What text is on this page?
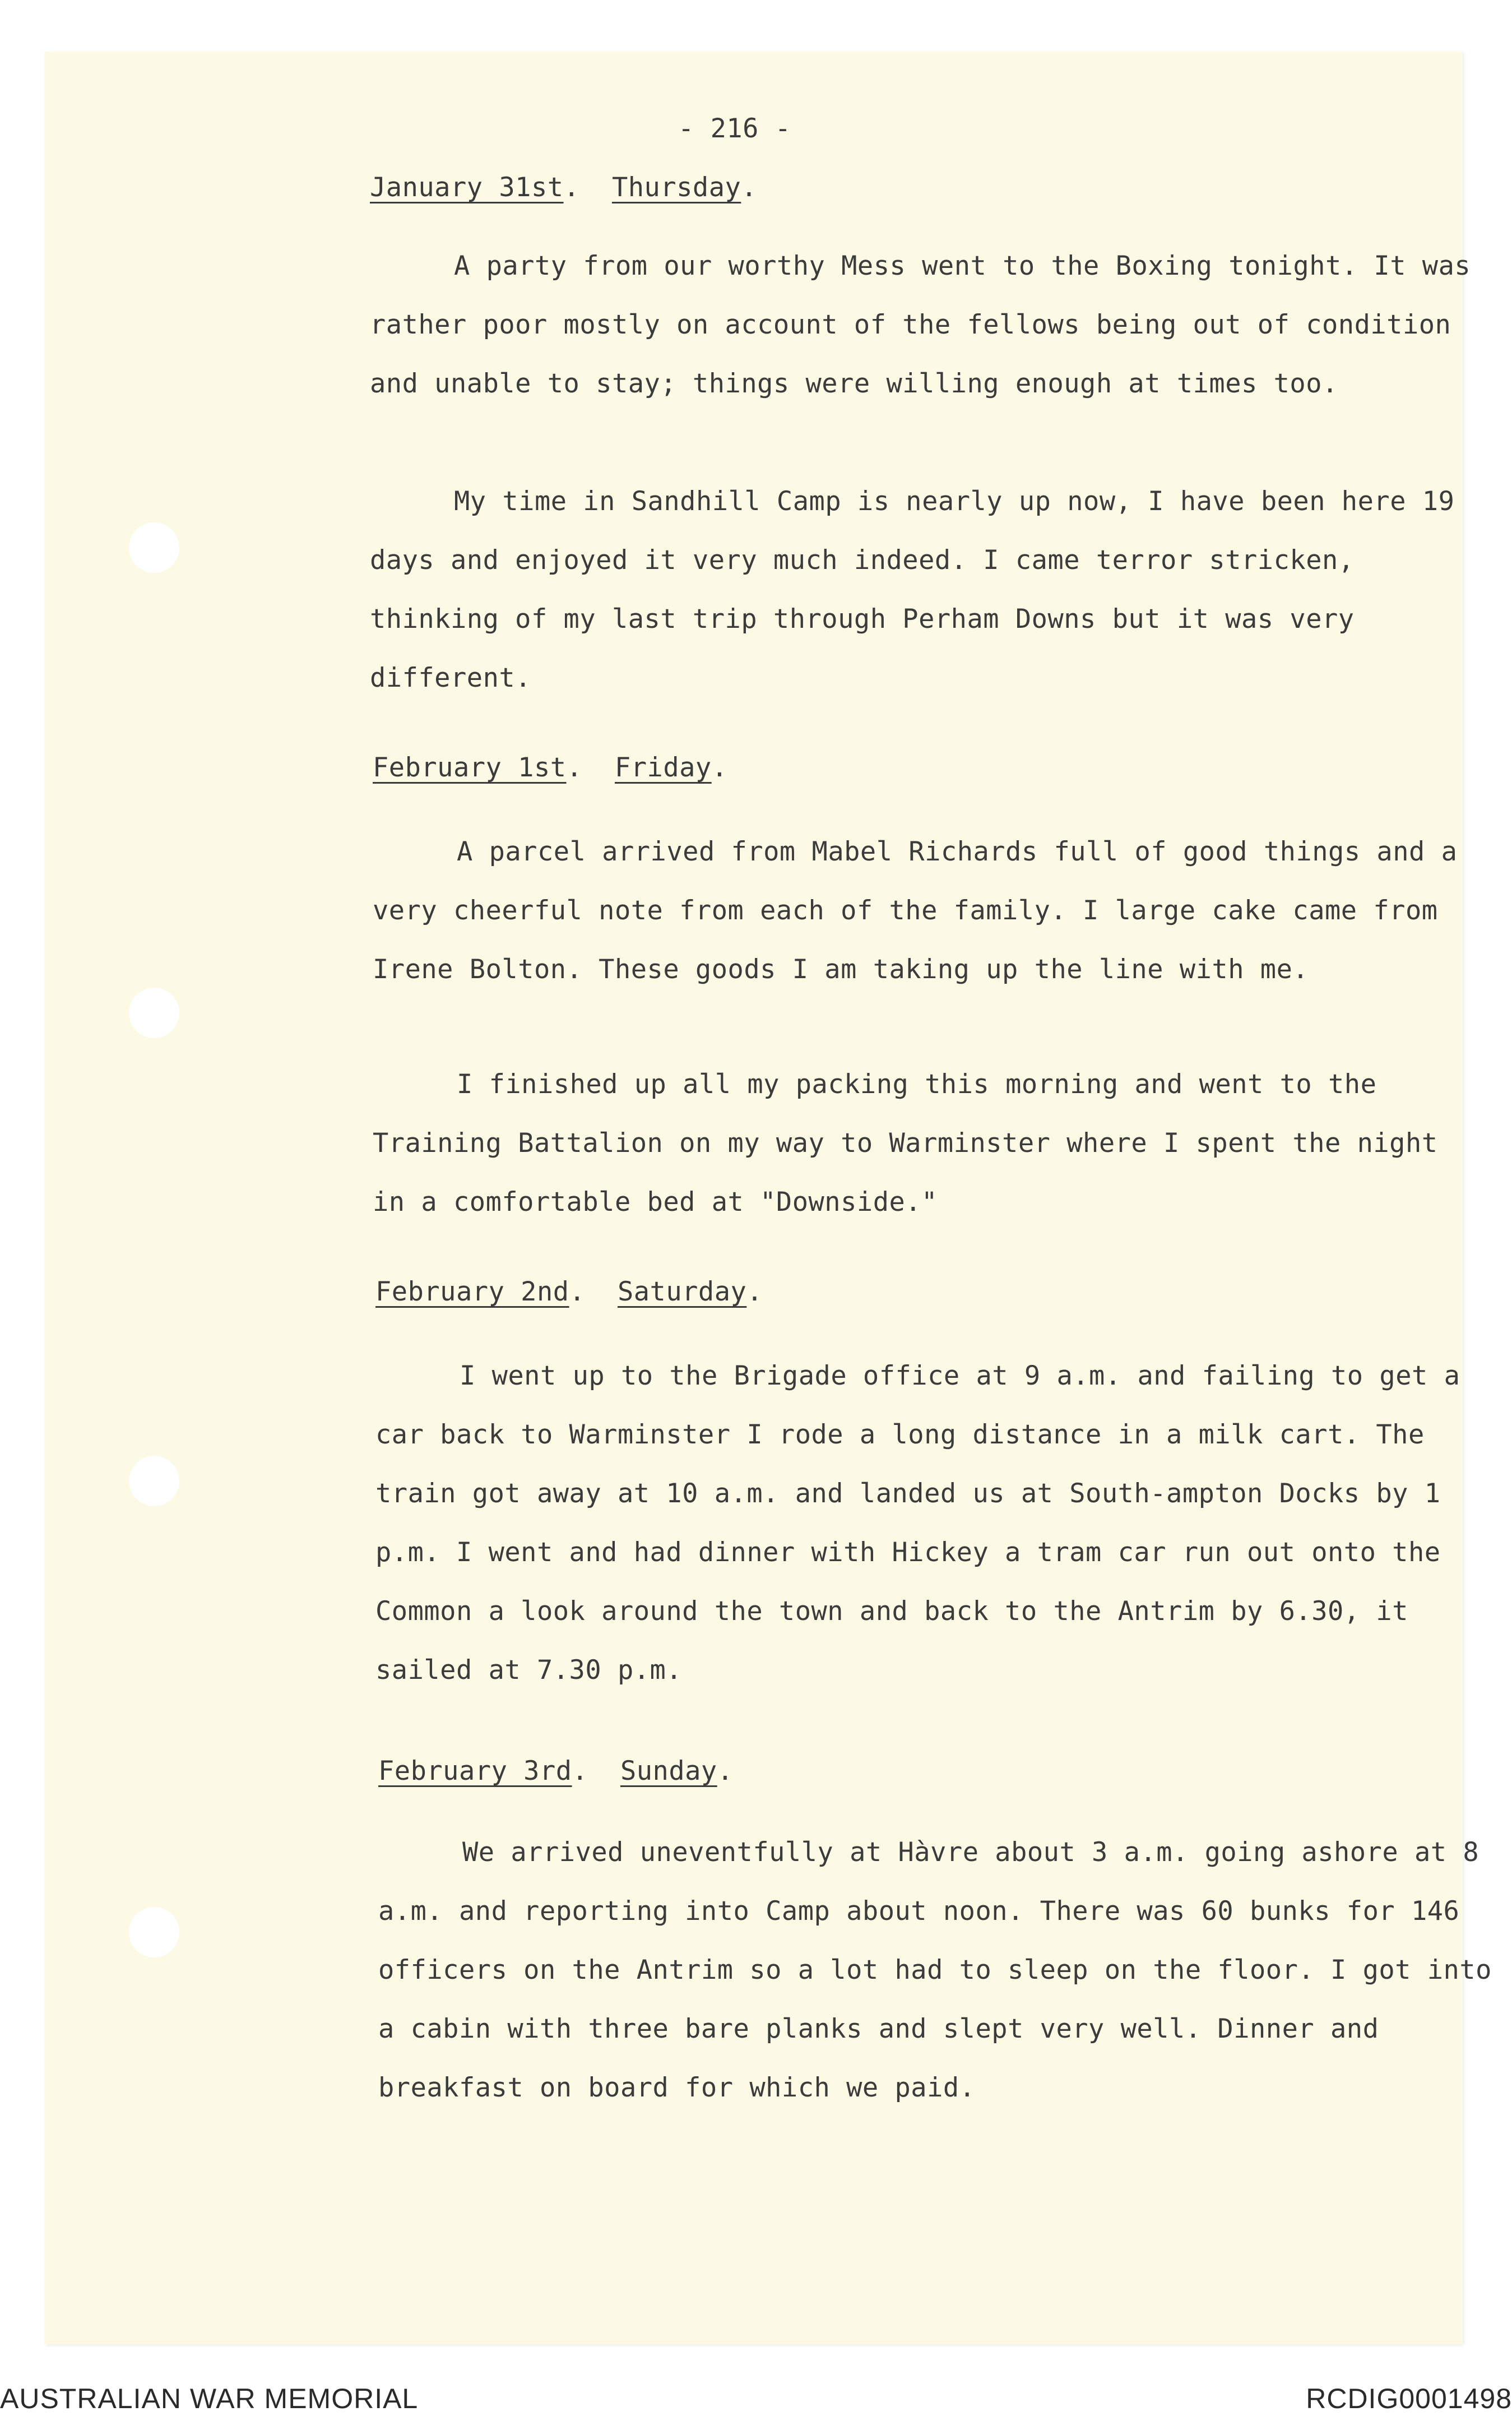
- 216 -

January 31st.  Thursday.

A party from our worthy Mess went to the Boxing tonight. It was rather poor mostly on account of the fellows being out of condition and unable to stay; things were willing enough at times too.

My time in Sandhill Camp is nearly up now, I have been here 19 days and enjoyed it very much indeed. I came terror stricken, thinking of my last trip through Perham Downs but it was very different.

February 1st.  Friday.

A parcel arrived from Mabel Richards full of good things and a very cheerful note from each of the family. I large cake came from Irene Bolton. These goods I am taking up the line with me.

I finished up all my packing this morning and went to the Training Battalion on my way to Warminster where I spent the night in a comfortable bed at "Downside."

February 2nd.  Saturday.

I went up to the Brigade office at 9 a.m. and failing to get a car back to Warminster I rode a long distance in a milk cart. The train got away at 10 a.m. and landed us at South-ampton Docks by 1 p.m. I went and had dinner with Hickey a tram car run out onto the Common a look around the town and back to the Antrim by 6.30, it sailed at 7.30 p.m.

February 3rd.  Sunday.

We arrived uneventfully at Hàvre about 3 a.m. going ashore at 8 a.m. and reporting into Camp about noon. There was 60 bunks for 146 officers on the Antrim so a lot had to sleep on the floor. I got into a cabin with three bare planks and slept very well. Dinner and breakfast on board for which we paid.

AUSTRALIAN WAR MEMORIAL	RCDIG0001498
